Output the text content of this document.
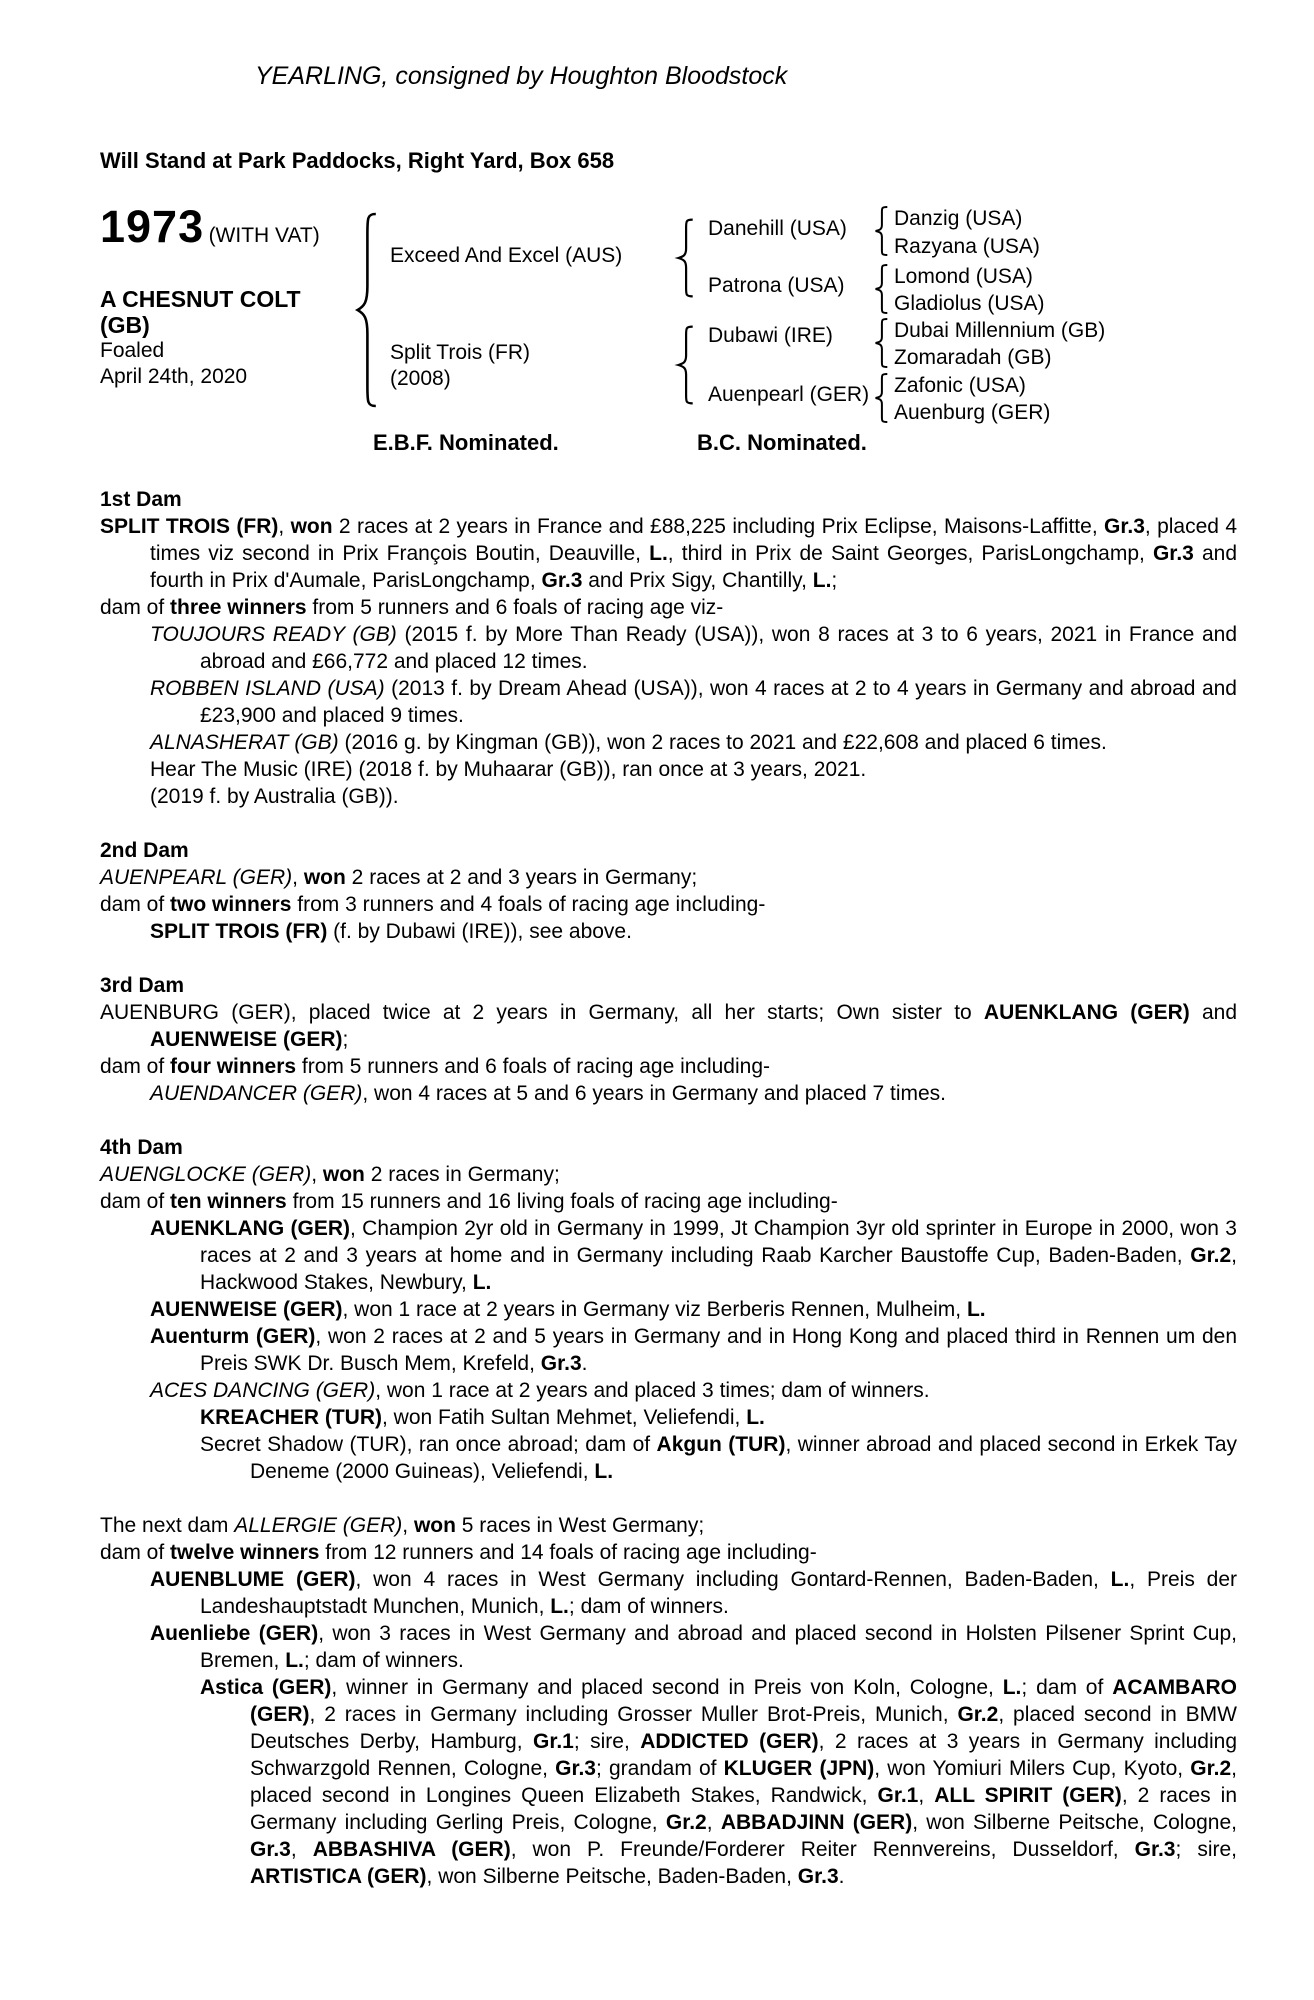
YEARLING, consigned by Houghton Bloodstock
Will Stand at Park Paddocks, Right Yard, Box 658
1973 (WITH VAT)
A CHESNUT COLT
(GB)
Foaled
April 24th, 2020
Exceed And Excel (AUS)
Split Trois (FR)
(2008)
Danehill (USA)
Patrona (USA)
Dubawi (IRE)
Auenpearl (GER)
Danzig (USA)
Razyana (USA)
Lomond (USA)
Gladiolus (USA)
Dubai Millennium (GB)
Zomaradah (GB)
Zafonic (USA)
Auenburg (GER)
E.B.F. Nominated.	B.C. Nominated.
1st Dam
SPLIT TROIS (FR), won 2 races at 2 years in France and £88,225 including Prix Eclipse, Maisons-Laffitte, Gr.3, placed 4 times viz second in Prix François Boutin, Deauville, L., third in Prix de Saint Georges, ParisLongchamp, Gr.3 and fourth in Prix d'Aumale, ParisLongchamp, Gr.3 and Prix Sigy, Chantilly, L.;
dam of three winners from 5 runners and 6 foals of racing age viz-
TOUJOURS READY (GB) (2015 f. by More Than Ready (USA)), won 8 races at 3 to 6 years, 2021 in France and abroad and £66,772 and placed 12 times.
ROBBEN ISLAND (USA) (2013 f. by Dream Ahead (USA)), won 4 races at 2 to 4 years in Germany and abroad and £23,900 and placed 9 times.
ALNASHERAT (GB) (2016 g. by Kingman (GB)), won 2 races to 2021 and £22,608 and placed 6 times.
Hear The Music (IRE) (2018 f. by Muhaarar (GB)), ran once at 3 years, 2021.
(2019 f. by Australia (GB)).
2nd Dam
AUENPEARL (GER), won 2 races at 2 and 3 years in Germany;
dam of two winners from 3 runners and 4 foals of racing age including-
SPLIT TROIS (FR) (f. by Dubawi (IRE)), see above.
3rd Dam
AUENBURG (GER), placed twice at 2 years in Germany, all her starts; Own sister to AUENKLANG (GER) and AUENWEISE (GER);
dam of four winners from 5 runners and 6 foals of racing age including-
AUENDANCER (GER), won 4 races at 5 and 6 years in Germany and placed 7 times.
4th Dam
AUENGLOCKE (GER), won 2 races in Germany;
dam of ten winners from 15 runners and 16 living foals of racing age including-
AUENKLANG (GER), Champion 2yr old in Germany in 1999, Jt Champion 3yr old sprinter in Europe in 2000, won 3 races at 2 and 3 years at home and in Germany including Raab Karcher Baustoffe Cup, Baden-Baden, Gr.2, Hackwood Stakes, Newbury, L.
AUENWEISE (GER), won 1 race at 2 years in Germany viz Berberis Rennen, Mulheim, L.
Auenturm (GER), won 2 races at 2 and 5 years in Germany and in Hong Kong and placed third in Rennen um den Preis SWK Dr. Busch Mem, Krefeld, Gr.3.
ACES DANCING (GER), won 1 race at 2 years and placed 3 times; dam of winners.
KREACHER (TUR), won Fatih Sultan Mehmet, Veliefendi, L.
Secret Shadow (TUR), ran once abroad; dam of Akgun (TUR), winner abroad and placed second in Erkek Tay Deneme (2000 Guineas), Veliefendi, L.
The next dam ALLERGIE (GER), won 5 races in West Germany;
dam of twelve winners from 12 runners and 14 foals of racing age including-
AUENBLUME (GER), won 4 races in West Germany including Gontard-Rennen, Baden-Baden, L., Preis der Landeshauptstadt Munchen, Munich, L.; dam of winners.
Auenliebe (GER), won 3 races in West Germany and abroad and placed second in Holsten Pilsener Sprint Cup, Bremen, L.; dam of winners.
Astica (GER), winner in Germany and placed second in Preis von Koln, Cologne, L.; dam of ACAMBARO (GER), 2 races in Germany including Grosser Muller Brot-Preis, Munich, Gr.2, placed second in BMW Deutsches Derby, Hamburg, Gr.1; sire, ADDICTED (GER), 2 races at 3 years in Germany including Schwarzgold Rennen, Cologne, Gr.3; grandam of KLUGER (JPN), won Yomiuri Milers Cup, Kyoto, Gr.2, placed second in Longines Queen Elizabeth Stakes, Randwick, Gr.1, ALL SPIRIT (GER), 2 races in Germany including Gerling Preis, Cologne, Gr.2, ABBADJINN (GER), won Silberne Peitsche, Cologne, Gr.3, ABBASHIVA (GER), won P. Freunde/Forderer Reiter Rennvereins, Dusseldorf, Gr.3; sire, ARTISTICA (GER), won Silberne Peitsche, Baden-Baden, Gr.3.
